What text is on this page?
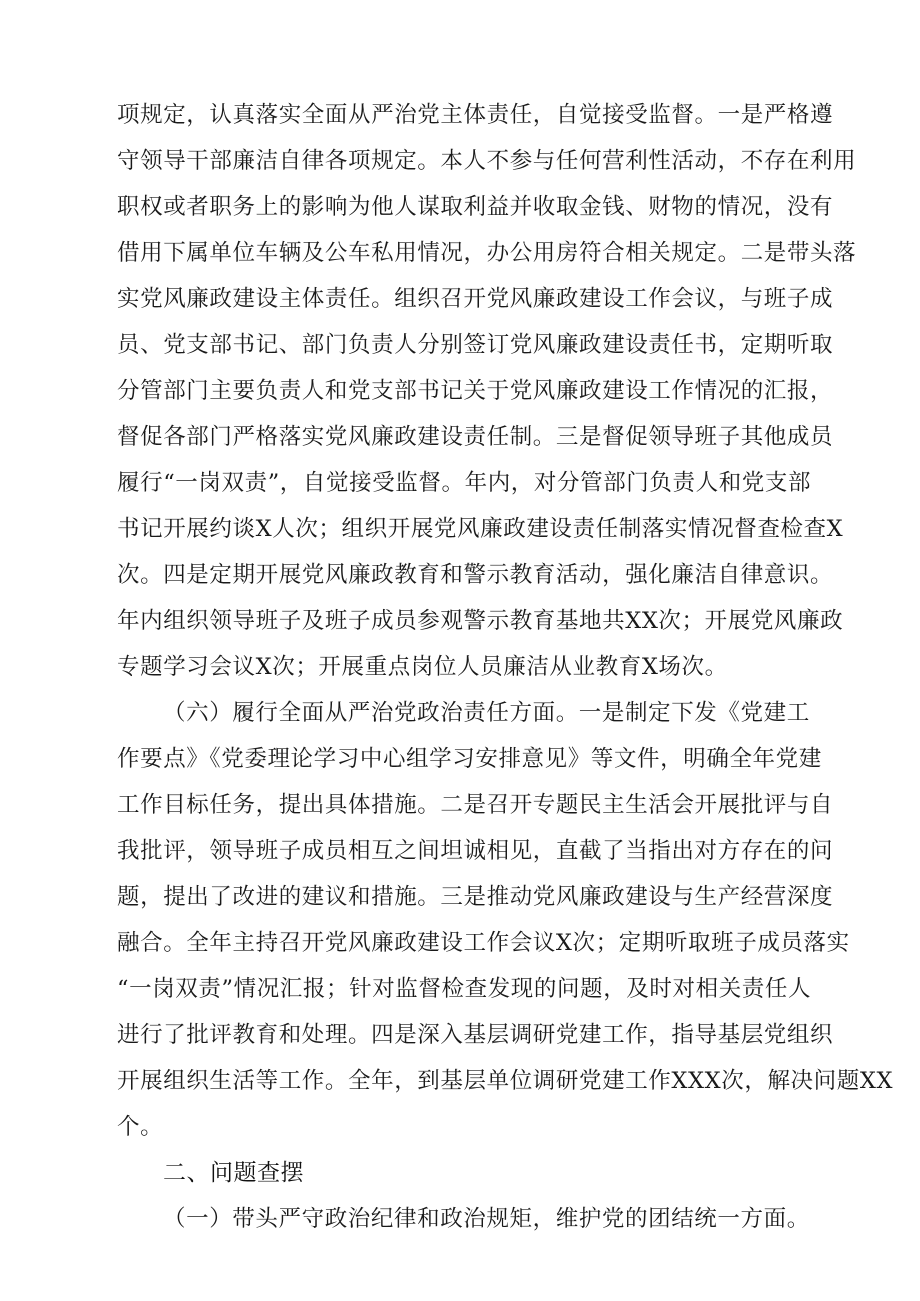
项规定，认真落实全面从严治党主体责任，自觉接受监督。一是严格遵
守领导干部廉洁自律各项规定。本人不参与任何营利性活动，不存在利用
职权或者职务上的影响为他人谋取利益并收取金钱、财物的情况，没有
借用下属单位车辆及公车私用情况，办公用房符合相关规定。二是带头落
实党风廉政建设主体责任。组织召开党风廉政建设工作会议，与班子成
员、党支部书记、部门负责人分别签订党风廉政建设责任书，定期听取
分管部门主要负责人和党支部书记关于党风廉政建设工作情况的汇报，
督促各部门严格落实党风廉政建设责任制。三是督促领导班子其他成员
履行“一岗双责”，自觉接受监督。年内，对分管部门负责人和党支部
书记开展约谈X人次；组织开展党风廉政建设责任制落实情况督查检查X
次。四是定期开展党风廉政教育和警示教育活动，强化廉洁自律意识。
年内组织领导班子及班子成员参观警示教育基地共XX次；开展党风廉政
专题学习会议X次；开展重点岗位人员廉洁从业教育X场次。
（六）履行全面从严治党政治责任方面。一是制定下发《党建工
作要点》《党委理论学习中心组学习安排意见》等文件，明确全年党建
工作目标任务，提出具体措施。二是召开专题民主生活会开展批评与自
我批评，领导班子成员相互之间坦诚相见，直截了当指出对方存在的问
题，提出了改进的建议和措施。三是推动党风廉政建设与生产经营深度
融合。全年主持召开党风廉政建设工作会议X次；定期听取班子成员落实
“一岗双责”情况汇报；针对监督检查发现的问题，及时对相关责任人
进行了批评教育和处理。四是深入基层调研党建工作，指导基层党组织
开展组织生活等工作。全年，到基层单位调研党建工作XXX次，解决问题XX
个。
二、问题查摆
（一）带头严守政治纪律和政治规矩，维护党的团结统一方面。
